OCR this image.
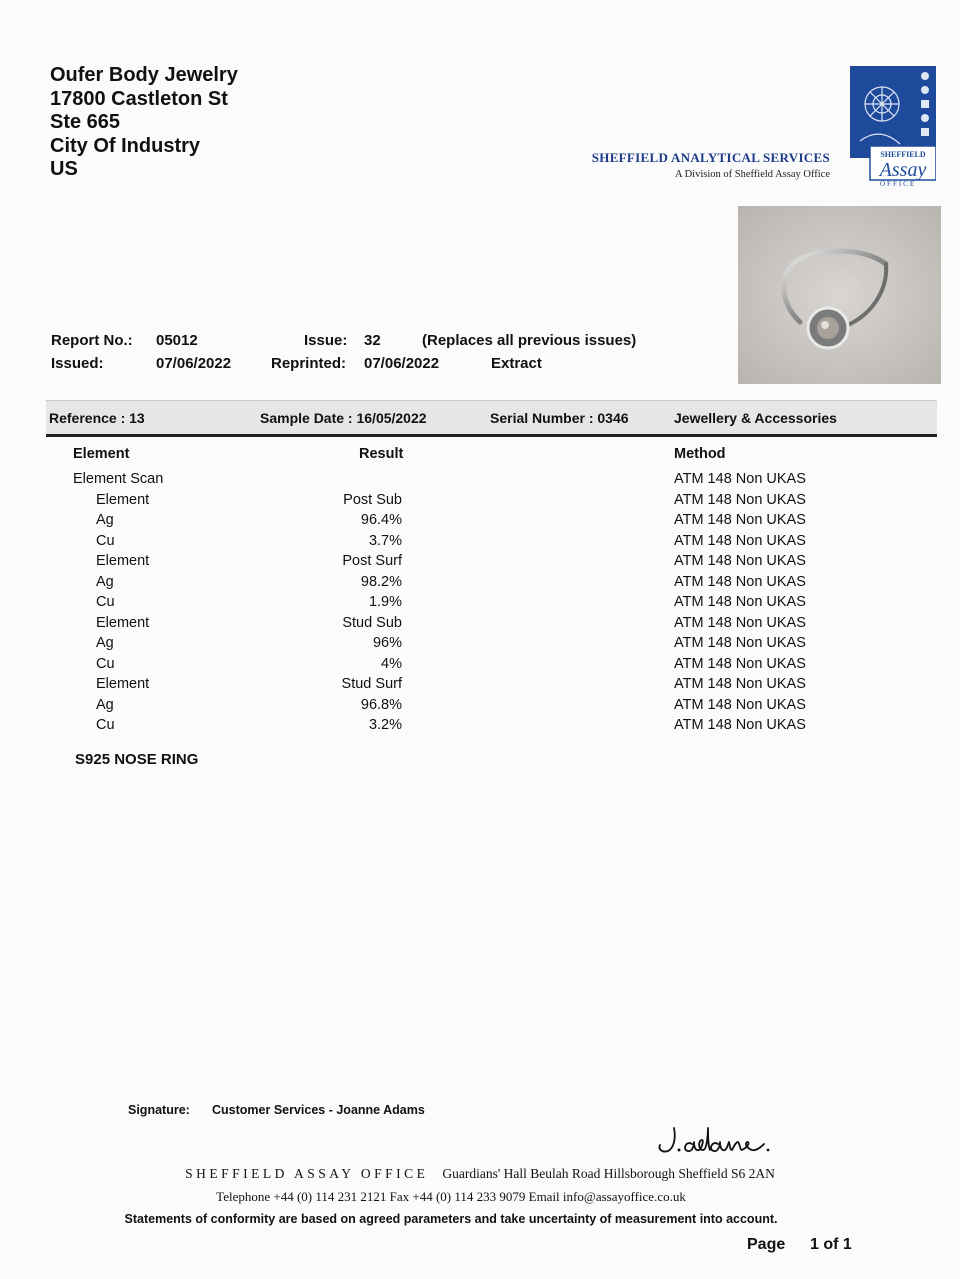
Oufer Body Jewelry
17800 Castleton St
Ste 665
City Of Industry
US
SHEFFIELD ANALYTICAL SERVICES
A Division of Sheffield Assay Office
SHEFFIELD
Assay
OFFICE
Report No.: 05012	Issue: 32	(Replaces all previous issues)
Issued:	07/06/2022	Reprinted: 07/06/2022	Extract
Reference : 13	Sample Date : 16/05/2022	Serial Number : 0346	Jewellery & Accessories
Element	Result	Method
Element Scan	ATM 148 Non UKAS
Element	Post Sub	ATM 148 Non UKAS
Ag	96.4%	ATM 148 Non UKAS
Cu	3.7%	ATM 148 Non UKAS
Element	Post Surf	ATM 148 Non UKAS
Ag	98.2%	ATM 148 Non UKAS
Cu	1.9%	ATM 148 Non UKAS
Element	Stud Sub	ATM 148 Non UKAS
Ag	96%	ATM 148 Non UKAS
Cu	4%	ATM 148 Non UKAS
Element	Stud Surf	ATM 148 Non UKAS
Ag	96.8%	ATM 148 Non UKAS
Cu	3.2%	ATM 148 Non UKAS
S925 NOSE RING
Signature: Customer Services - Joanne Adams
SHEFFIELD ASSAY OFFICE Guardians' Hall Beulah Road Hillsborough Sheffield S6 2AN
Telephone +44 (0) 114 231 2121 Fax +44 (0) 114 233 9079 Email info@assayoffice.co.uk
Statements of conformity are based on agreed parameters and take uncertainty of measurement into account.
Page 1 of 1
